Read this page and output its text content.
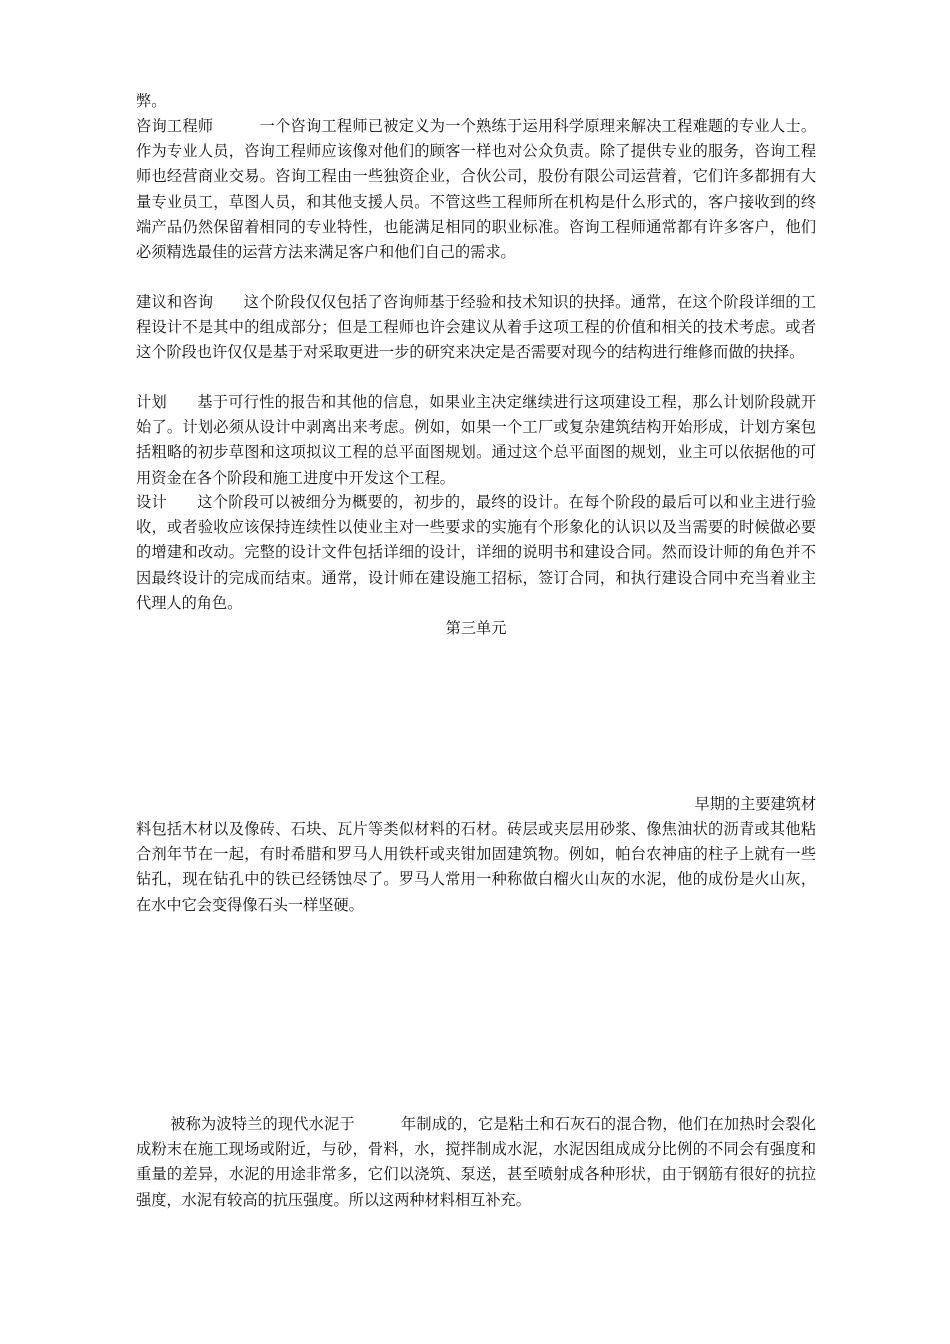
弊。
咨询工程师	一个咨询工程师已被定义为一个熟练于运用科学原理来解决工程难题的专业人士。作为专业人员，咨询工程师应该像对他们的顾客一样也对公众负责。除了提供专业的服务，咨询工程师也经营商业交易。咨询工程由一些独资企业，合伙公司，股份有限公司运营着，它们许多都拥有大量专业员工，草图人员，和其他支援人员。不管这些工程师所在机构是什么形式的，客户接收到的终端产品仍然保留着相同的专业特性，也能满足相同的职业标准。咨询工程师通常都有许多客户，他们必须精选最佳的运营方法来满足客户和他们自己的需求。
建议和咨询 这个阶段仅仅包括了咨询师基于经验和技术知识的抉择。通常，在这个阶段详细的工程设计不是其中的组成部分；但是工程师也许会建议从着手这项工程的价值和相关的技术考虑。或者这个阶段也许仅仅是基于对采取更进一步的研究来决定是否需要对现今的结构进行维修而做的抉择。
计划 基于可行性的报告和其他的信息，如果业主决定继续进行这项建设工程，那么计划阶段就开始了。计划必须从设计中剥离出来考虑。例如，如果一个工厂或复杂建筑结构开始形成，计划方案包括粗略的初步草图和这项拟议工程的总平面图规划。通过这个总平面图的规划，业主可以依据他的可用资金在各个阶段和施工进度中开发这个工程。
设计 这个阶段可以被细分为概要的，初步的，最终的设计。在每个阶段的最后可以和业主进行验收，或者验收应该保持连续性以使业主对一些要求的实施有个形象化的认识以及当需要的时候做必要的增建和改动。完整的设计文件包括详细的设计，详细的说明书和建设合同。然而设计师的角色并不因最终设计的完成而结束。通常，设计师在建设施工招标，签订合同，和执行建设合同中充当着业主代理人的角色。
第三单元
早期的主要建筑材
料包括木材以及像砖、石块、瓦片等类似材料的石材。砖层或夹层用砂浆、像焦油状的沥青或其他粘合剂年节在一起，有时希腊和罗马人用铁杆或夹钳加固建筑物。例如，帕台农神庙的柱子上就有一些钻孔，现在钻孔中的铁已经锈蚀尽了。罗马人常用一种称做白榴火山灰的水泥，他的成份是火山灰，在水中它会变得像石头一样坚硬。
被称为波特兰的现代水泥于	年制成的，它是粘土和石灰石的混合物，他们在加热时会裂化成粉末在施工现场或附近，与砂，骨料，水，搅拌制成水泥，水泥因组成成分比例的不同会有强度和重量的差异，水泥的用途非常多，它们以浇筑、泵送，甚至喷射成各种形状，由于钢筋有很好的抗拉强度，水泥有较高的抗压强度。所以这两种材料相互补充。
